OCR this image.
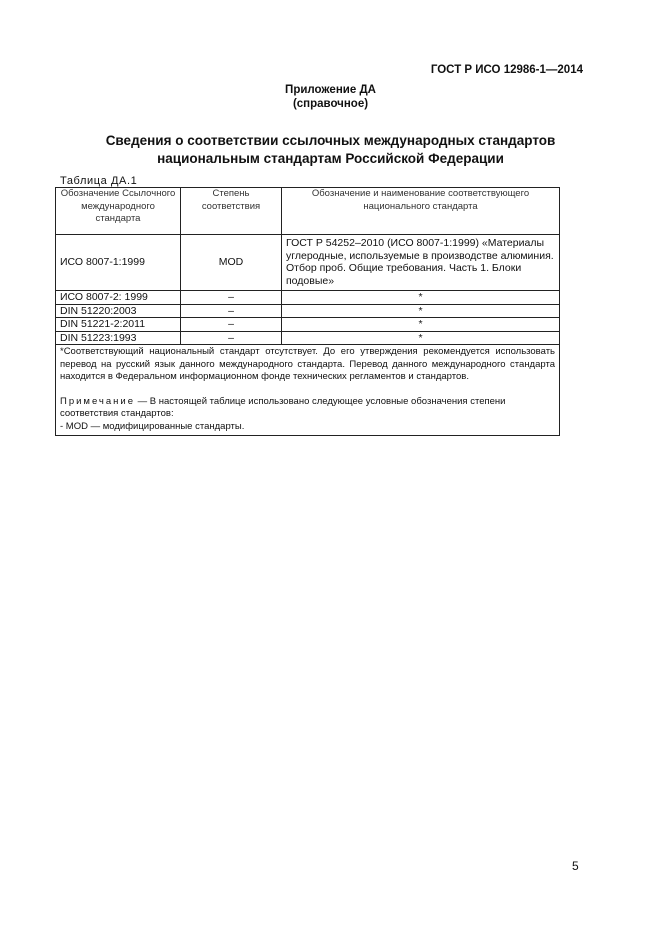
ГОСТ Р ИСО 12986-1—2014
Приложение ДА
(справочное)
Сведения о соответствии ссылочных международных стандартов
национальным стандартам Российской Федерации
Таблица ДА.1
Обозначение Ссылочного международного стандарта	Степень соответствия	Обозначение и наименование соответствующего национального стандарта
ИСО 8007-1:1999	MOD	ГОСТ Р 54252–2010 (ИСО 8007-1:1999) «Материалы углеродные, используемые в производстве алюминия. Отбор проб. Общие требования. Часть 1. Блоки подовые»
ИСО 8007-2: 1999	–	*
DIN 51220:2003	–	*
DIN 51221-2:2011	–	*
DIN 51223:1993	–	*

*Соответствующий национальный стандарт отсутствует. До его утверждения рекомендуется использовать перевод на русский язык данного международного стандарта. Перевод данного международного стандарта находится в Федеральном информационном фонде технических регламентов и стандартов.
Примечание — В настоящей таблице использовано следующее условные обозначения степени соответствия стандартов:
- MOD — модифицированные стандарты.		
5
